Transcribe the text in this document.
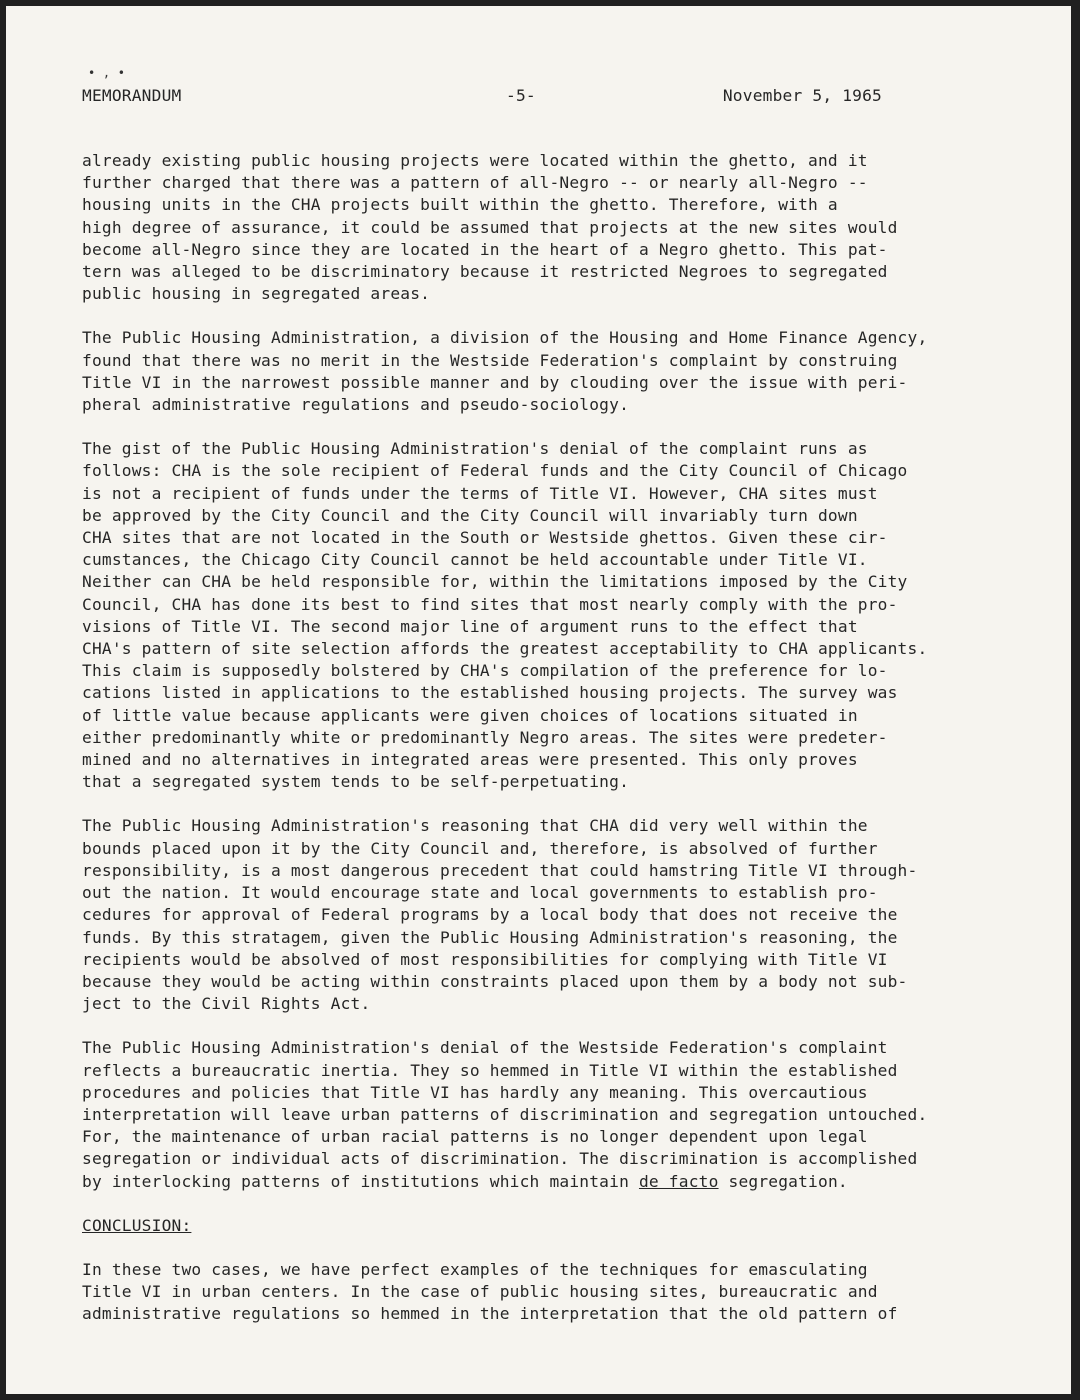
• , •
MEMORANDUM	-5-	November 5, 1965
already existing public housing projects were located within the ghetto, and it
further charged that there was a pattern of all-Negro -- or nearly all-Negro --
housing units in the CHA projects built within the ghetto. Therefore, with a
high degree of assurance, it could be assumed that projects at the new sites would
become all-Negro since they are located in the heart of a Negro ghetto. This pat-
tern was alleged to be discriminatory because it restricted Negroes to segregated
public housing in segregated areas.
The Public Housing Administration, a division of the Housing and Home Finance Agency,
found that there was no merit in the Westside Federation's complaint by construing
Title VI in the narrowest possible manner and by clouding over the issue with peri-
pheral administrative regulations and pseudo-sociology.
The gist of the Public Housing Administration's denial of the complaint runs as
follows: CHA is the sole recipient of Federal funds and the City Council of Chicago
is not a recipient of funds under the terms of Title VI. However, CHA sites must
be approved by the City Council and the City Council will invariably turn down
CHA sites that are not located in the South or Westside ghettos. Given these cir-
cumstances, the Chicago City Council cannot be held accountable under Title VI.
Neither can CHA be held responsible for, within the limitations imposed by the City
Council, CHA has done its best to find sites that most nearly comply with the pro-
visions of Title VI. The second major line of argument runs to the effect that
CHA's pattern of site selection affords the greatest acceptability to CHA applicants.
This claim is supposedly bolstered by CHA's compilation of the preference for lo-
cations listed in applications to the established housing projects. The survey was
of little value because applicants were given choices of locations situated in
either predominantly white or predominantly Negro areas. The sites were predeter-
mined and no alternatives in integrated areas were presented. This only proves
that a segregated system tends to be self-perpetuating.
The Public Housing Administration's reasoning that CHA did very well within the
bounds placed upon it by the City Council and, therefore, is absolved of further
responsibility, is a most dangerous precedent that could hamstring Title VI through-
out the nation. It would encourage state and local governments to establish pro-
cedures for approval of Federal programs by a local body that does not receive the
funds. By this stratagem, given the Public Housing Administration's reasoning, the
recipients would be absolved of most responsibilities for complying with Title VI
because they would be acting within constraints placed upon them by a body not sub-
ject to the Civil Rights Act.
The Public Housing Administration's denial of the Westside Federation's complaint
reflects a bureaucratic inertia. They so hemmed in Title VI within the established
procedures and policies that Title VI has hardly any meaning. This overcautious
interpretation will leave urban patterns of discrimination and segregation untouched.
For, the maintenance of urban racial patterns is no longer dependent upon legal
segregation or individual acts of discrimination. The discrimination is accomplished
by interlocking patterns of institutions which maintain de facto segregation.
CONCLUSION:
In these two cases, we have perfect examples of the techniques for emasculating
Title VI in urban centers. In the case of public housing sites, bureaucratic and
administrative regulations so hemmed in the interpretation that the old pattern of
